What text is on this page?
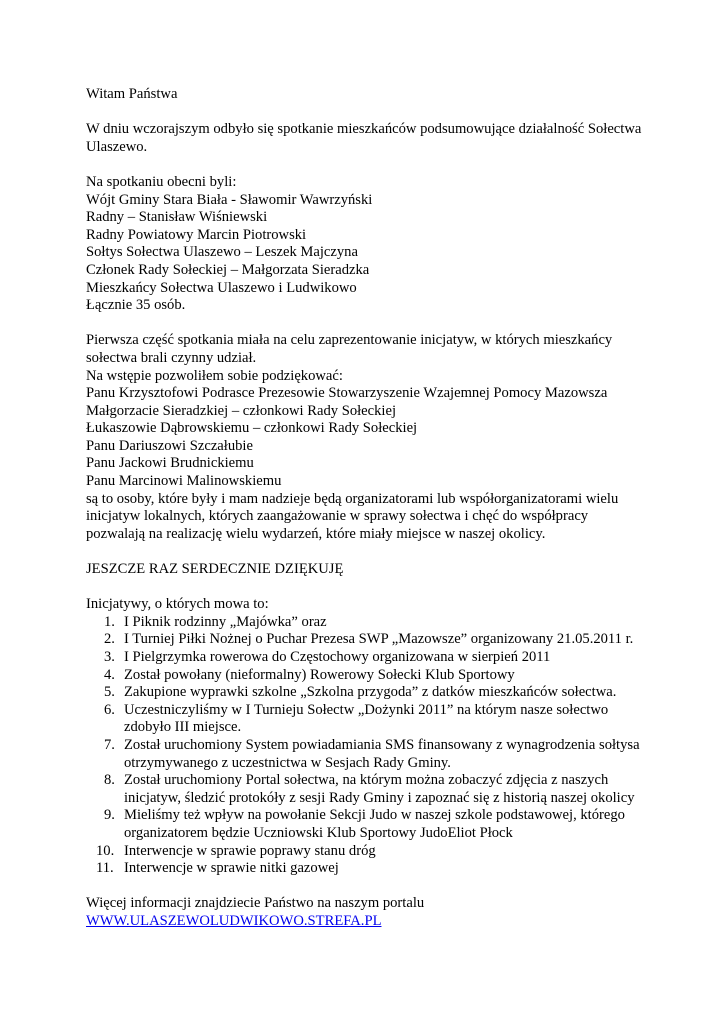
Witam Państwa

W dniu wczorajszym odbyło się spotkanie mieszkańców podsumowujące działalność Sołectwa Ulaszewo.

Na spotkaniu obecni byli:

Wójt Gminy Stara Biała - Sławomir Wawrzyński
Radny – Stanisław Wiśniewski
Radny Powiatowy Marcin Piotrowski
Sołtys Sołectwa Ulaszewo – Leszek Majczyna
Członek Rady Sołeckiej – Małgorzata Sieradzka
Mieszkańcy Sołectwa Ulaszewo i Ludwikowo
Łącznie 35 osób.

Pierwsza część spotkania miała na celu zaprezentowanie inicjatyw, w których mieszkańcy sołectwa brali czynny udział.

Na wstępie pozwoliłem sobie podziękować:
Panu Krzysztofowi Podrasce Prezesowie Stowarzyszenie Wzajemnej Pomocy Mazowsza
Małgorzacie Sieradzkiej – członkowi Rady Sołeckiej
Łukaszowie Dąbrowskiemu – członkowi Rady Sołeckiej
Panu Dariuszowi Szczałubie
Panu Jackowi Brudnickiemu
Panu Marcinowi Malinowskiemu

są to osoby, które były i mam nadzieje będą organizatorami lub współorganizatorami wielu inicjatyw lokalnych, których zaangażowanie w sprawy sołectwa i chęć do współpracy pozwalają na realizację wielu wydarzeń, które miały miejsce w naszej okolicy.

JESZCZE RAZ SERDECZNIE DZIĘKUJĘ

Inicjatywy, o których mowa to:

1. I Piknik rodzinny „Majówka” oraz
2. I Turniej Piłki Nożnej o Puchar Prezesa SWP „Mazowsze” organizowany 21.05.2011 r.
3. I Pielgrzymka rowerowa do Częstochowy organizowana w sierpień 2011
4. Został powołany (nieformalny) Rowerowy Sołecki Klub Sportowy
5. Zakupione wyprawki szkolne „Szkolna przygoda” z datków mieszkańców sołectwa.
6. Uczestniczyliśmy w I Turnieju Sołectw „Dożynki 2011” na którym nasze sołectwo zdobyło III miejsce.
7. Został uruchomiony System powiadamiania SMS finansowany z wynagrodzenia sołtysa otrzymywanego z uczestnictwa w Sesjach Rady Gminy.
8. Został uruchomiony Portal sołectwa, na którym można zobaczyć zdjęcia z naszych inicjatyw, śledzić protokóły z sesji Rady Gminy i zapoznać się z historią naszej okolicy
9. Mieliśmy też wpływ na powołanie Sekcji Judo w naszej szkole podstawowej, którego organizatorem będzie Uczniowski Klub Sportowy JudoEliot Płock
10. Interwencje w sprawie poprawy stanu dróg
11. Interwencje w sprawie nitki gazowej

Więcej informacji znajdziecie Państwo na naszym portalu

WWW.ULASZEWOLUDWIKOWO.STREFA.PL
